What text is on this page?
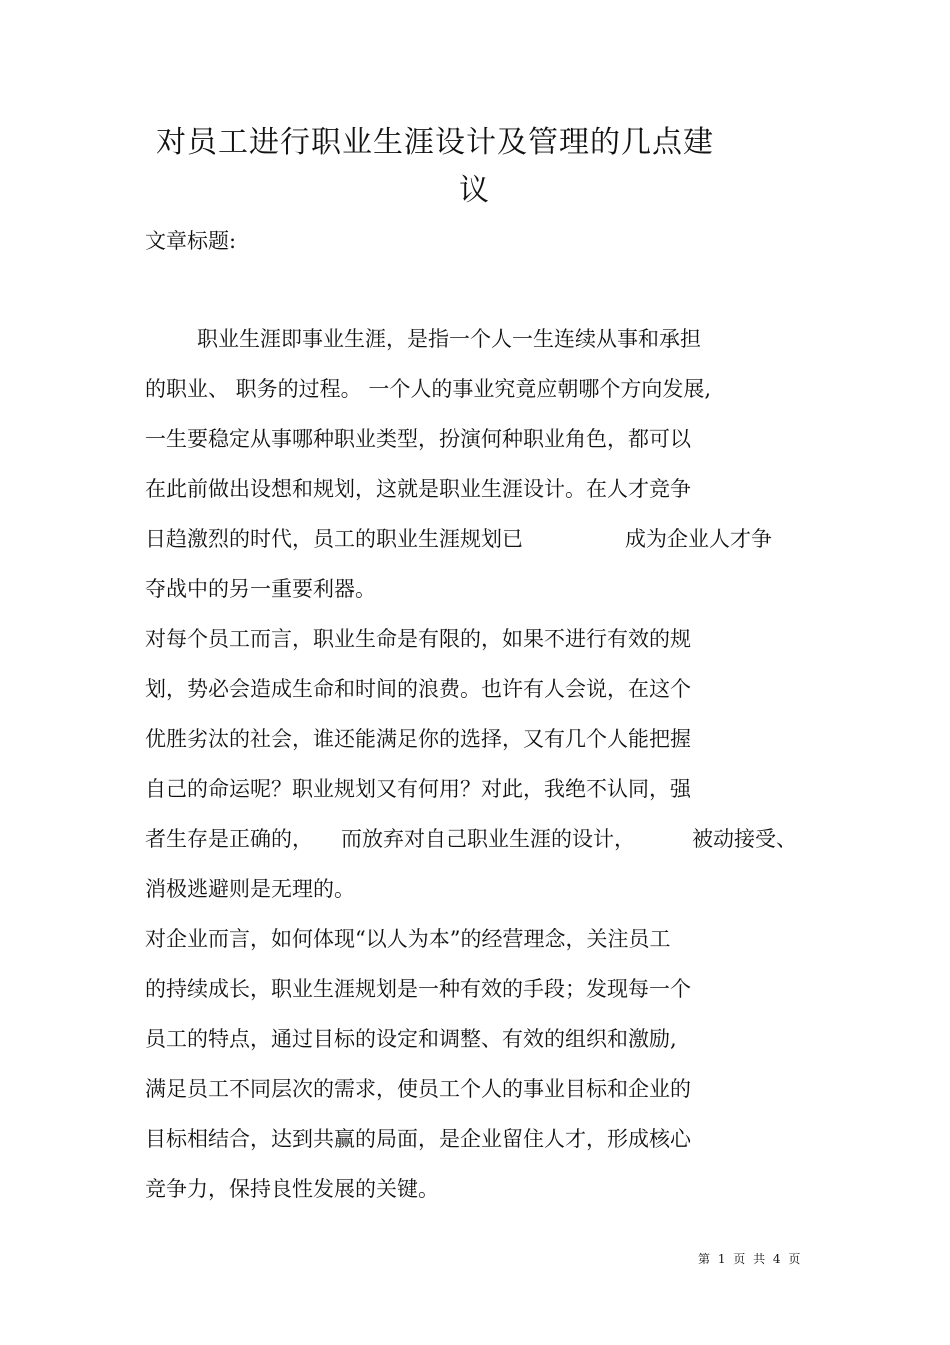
对员工进行职业生涯设计及管理的几点建
议
文章标题:
职业生涯即事业生涯，是指一个人一生连续从事和承担
的职业、 职务的过程。 一个人的事业究竟应朝哪个方向发展,
一生要稳定从事哪种职业类型，扮演何种职业角色，都可以
在此前做出设想和规划，这就是职业生涯设计。在人才竞争
日趋激烈的时代，员工的职业生涯规划已	成为企业人才争
夺战中的另一重要利器。
对每个员工而言，职业生命是有限的，如果不进行有效的规
划，势必会造成生命和时间的浪费。也许有人会说，在这个
优胜劣汰的社会，谁还能满足你的选择，又有几个人能把握
自己的命运呢？职业规划又有何用？对此，我绝不认同，强
者生存是正确的， 而放弃对自己职业生涯的设计，	被动接受、
消极逃避则是无理的。
对企业而言，如何体现“以人为本”的经营理念，关注员工
的持续成长，职业生涯规划是一种有效的手段；发现每一个
员工的特点，通过目标的设定和调整、有效的组织和激励,
满足员工不同层次的需求，使员工个人的事业目标和企业的
目标相结合，达到共赢的局面，是企业留住人才，形成核心
竞争力，保持良性发展的关键。
第 1 页 共 4 页
